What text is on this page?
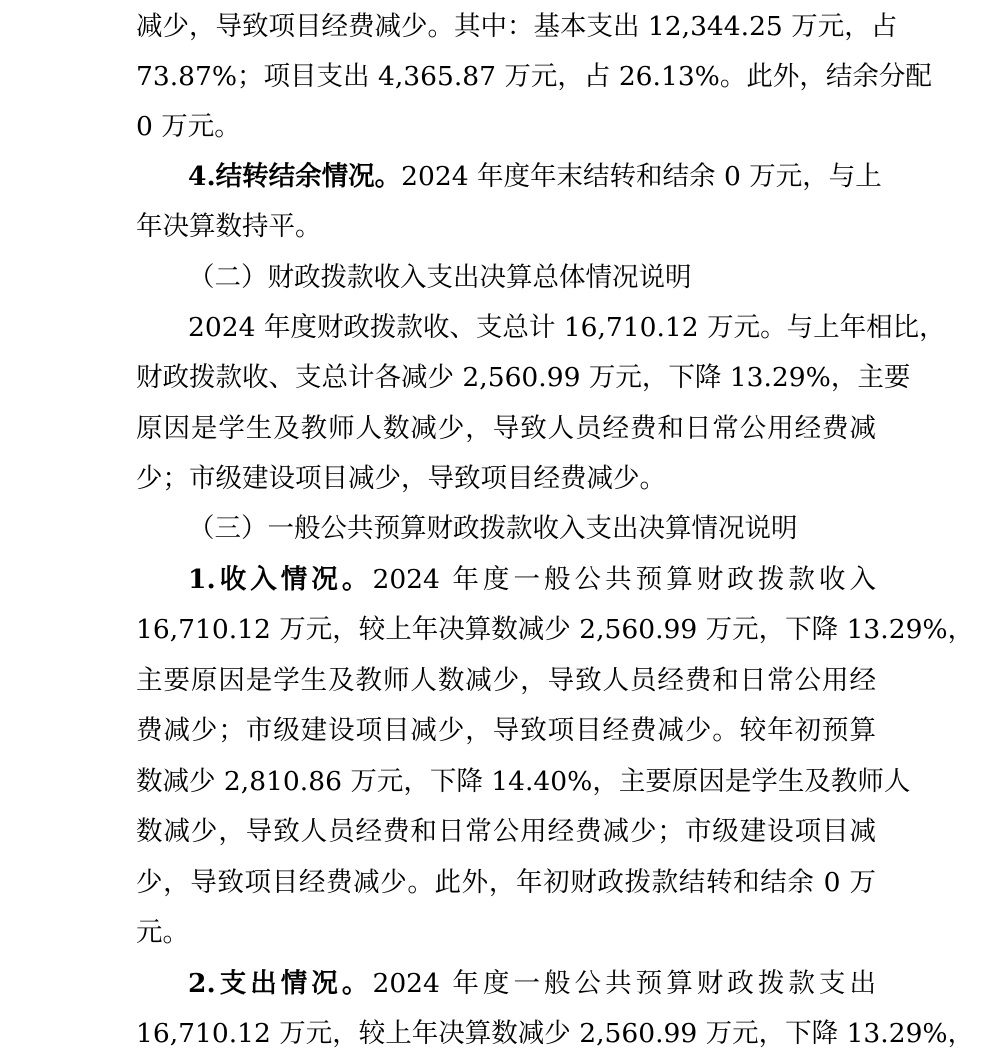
减少，导致项目经费减少。其中：基本支出 12,344.25 万元，占
73.87%；项目支出 4,365.87 万元，占 26.13%。此外，结余分配
0 万元。
4.结转结余情况。2024 年度年末结转和结余 0 万元，与上
年决算数持平。
（二）财政拨款收入支出决算总体情况说明
2024 年度财政拨款收、支总计 16,710.12 万元。与上年相比，
财政拨款收、支总计各减少 2,560.99 万元，下降 13.29%，主要
原因是学生及教师人数减少，导致人员经费和日常公用经费减
少；市级建设项目减少，导致项目经费减少。
（三）一般公共预算财政拨款收入支出决算情况说明
1.收入情况。2024 年度一般公共预算财政拨款收入
16,710.12 万元，较上年决算数减少 2,560.99 万元，下降 13.29%，
主要原因是学生及教师人数减少，导致人员经费和日常公用经
费减少；市级建设项目减少，导致项目经费减少。较年初预算
数减少 2,810.86 万元，下降 14.40%，主要原因是学生及教师人
数减少，导致人员经费和日常公用经费减少；市级建设项目减
少，导致项目经费减少。此外，年初财政拨款结转和结余 0 万
元。
2.支出情况。2024 年度一般公共预算财政拨款支出
16,710.12 万元，较上年决算数减少 2,560.99 万元，下降 13.29%，
